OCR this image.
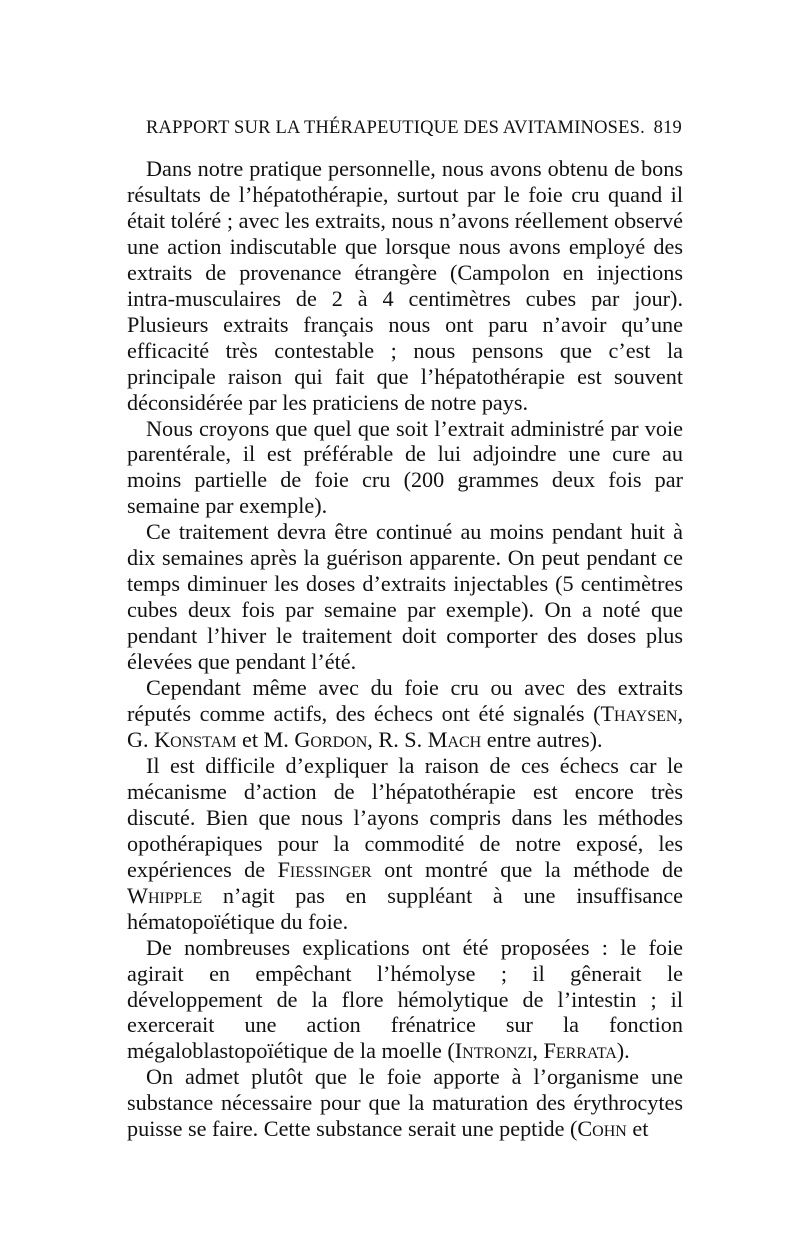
RAPPORT SUR LA THÉRAPEUTIQUE DES AVITAMINOSES. 819

Dans notre pratique personnelle, nous avons obtenu de bons résultats de l’hépatothérapie, surtout par le foie cru quand il était toléré ; avec les extraits, nous n’avons réellement observé une action indiscutable que lorsque nous avons employé des extraits de provenance étrangère (Campolon en injections intra-musculaires de 2 à 4 centimètres cubes par jour). Plusieurs extraits français nous ont paru n’avoir qu’une efficacité très contestable ; nous pensons que c’est la principale raison qui fait que l’hépatothérapie est souvent déconsidérée par les praticiens de notre pays.

Nous croyons que quel que soit l’extrait administré par voie parentérale, il est préférable de lui adjoindre une cure au moins partielle de foie cru (200 grammes deux fois par semaine par exemple).

Ce traitement devra être continué au moins pendant huit à dix semaines après la guérison apparente. On peut pendant ce temps diminuer les doses d’extraits injectables (5 centimètres cubes deux fois par semaine par exemple). On a noté que pendant l’hiver le traitement doit comporter des doses plus élevées que pendant l’été.

Cependant même avec du foie cru ou avec des extraits réputés comme actifs, des échecs ont été signalés (Thaysen, G. Konstam et M. Gordon, R. S. Mach entre autres).

Il est difficile d’expliquer la raison de ces échecs car le mécanisme d’action de l’hépatothérapie est encore très discuté. Bien que nous l’ayons compris dans les méthodes opothérapiques pour la commodité de notre exposé, les expériences de Fiessinger ont montré que la méthode de Whipple n’agit pas en suppléant à une insuffisance hématopoïétique du foie.

De nombreuses explications ont été proposées : le foie agirait en empêchant l’hémolyse ; il gênerait le développement de la flore hémolytique de l’intestin ; il exercerait une action frénatrice sur la fonction mégaloblastopoïétique de la moelle (Intronzi, Ferrata).

On admet plutôt que le foie apporte à l’organisme une substance nécessaire pour que la maturation des érythrocytes puisse se faire. Cette substance serait une peptide (Cohn et
